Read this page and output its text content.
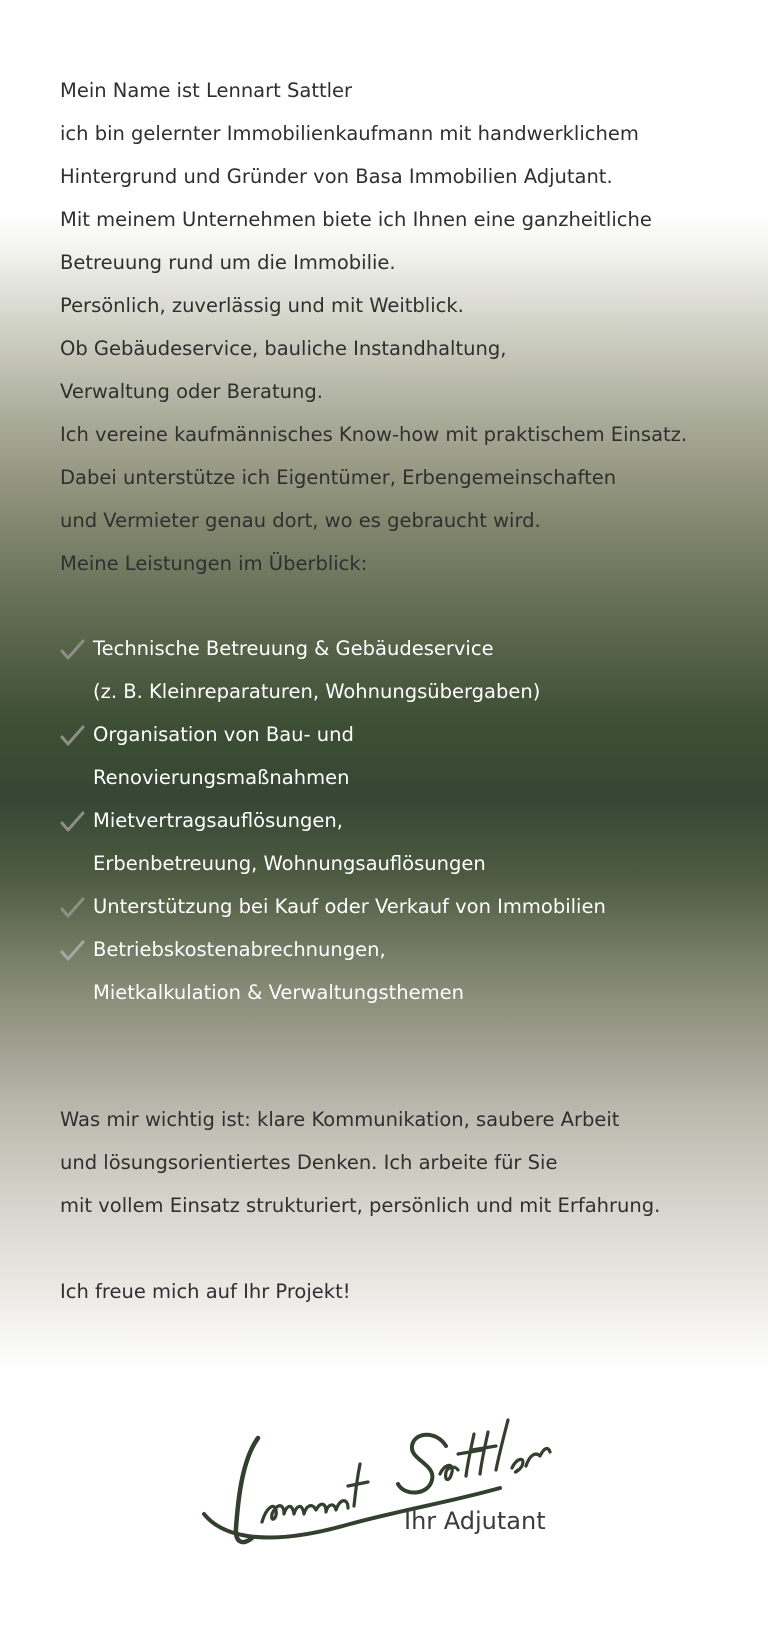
Mein Name ist Lennart Sattler

ich bin gelernter Immobilienkaufmann mit handwerklichem

Hintergrund und Gründer von Basa Immobilien Adjutant.

Mit meinem Unternehmen biete ich Ihnen eine ganzheitliche

Betreuung rund um die Immobilie.

Persönlich, zuverlässig und mit Weitblick.

Ob Gebäudeservice, bauliche Instandhaltung,

Verwaltung oder Beratung.

Ich vereine kaufmännisches Know-how mit praktischem Einsatz.

Dabei unterstütze ich Eigentümer, Erbengemeinschaften

und Vermieter genau dort, wo es gebraucht wird.

Meine Leistungen im Überblick:

Technische Betreuung & Gebäudeservice
(z. B. Kleinreparaturen, Wohnungsübergaben)
Organisation von Bau- und
Renovierungsmaßnahmen
Mietvertragsauflösungen,
Erbenbetreuung, Wohnungsauflösungen
Unterstützung bei Kauf oder Verkauf von Immobilien
Betriebskostenabrechnungen,
Mietkalkulation & Verwaltungsthemen

Was mir wichtig ist: klare Kommunikation, saubere Arbeit

und lösungsorientiertes Denken. Ich arbeite für Sie

mit vollem Einsatz strukturiert, persönlich und mit Erfahrung.

Ich freue mich auf Ihr Projekt!

Ihr Adjutant
